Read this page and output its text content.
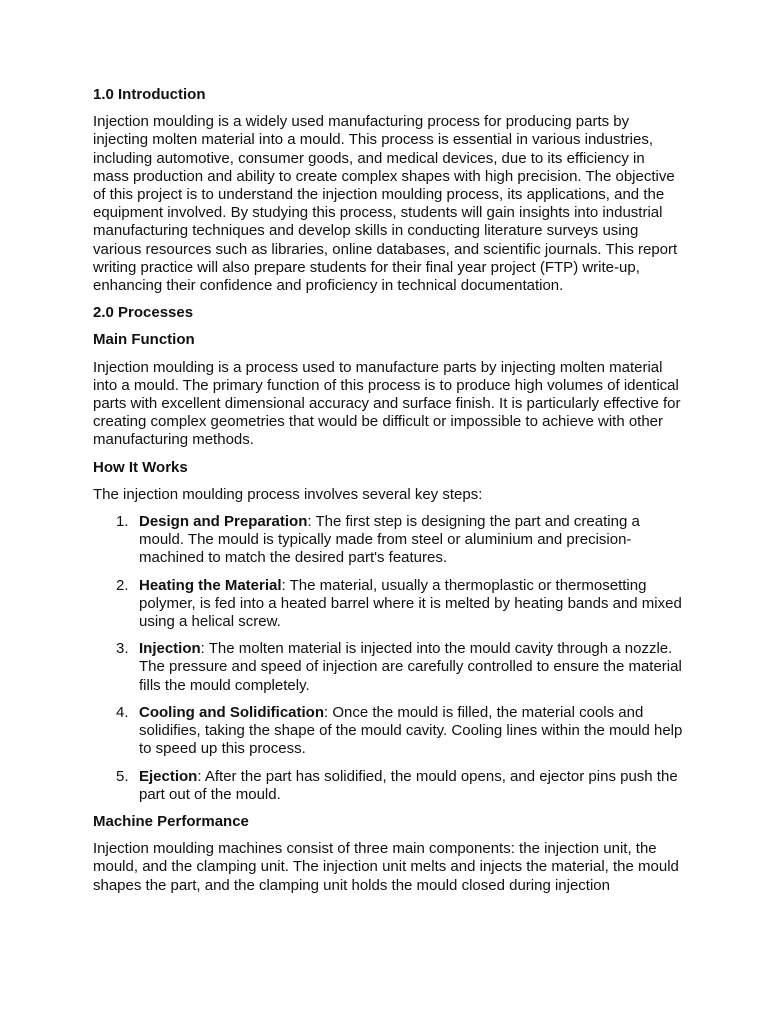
1.0 Introduction
Injection moulding is a widely used manufacturing process for producing parts by injecting molten material into a mould. This process is essential in various industries, including automotive, consumer goods, and medical devices, due to its efficiency in mass production and ability to create complex shapes with high precision. The objective of this project is to understand the injection moulding process, its applications, and the equipment involved. By studying this process, students will gain insights into industrial manufacturing techniques and develop skills in conducting literature surveys using various resources such as libraries, online databases, and scientific journals. This report writing practice will also prepare students for their final year project (FTP) write-up, enhancing their confidence and proficiency in technical documentation.
2.0 Processes
Main Function
Injection moulding is a process used to manufacture parts by injecting molten material into a mould. The primary function of this process is to produce high volumes of identical parts with excellent dimensional accuracy and surface finish. It is particularly effective for creating complex geometries that would be difficult or impossible to achieve with other manufacturing methods.
How It Works
The injection moulding process involves several key steps:
1. Design and Preparation: The first step is designing the part and creating a mould. The mould is typically made from steel or aluminium and precision-machined to match the desired part's features.
2. Heating the Material: The material, usually a thermoplastic or thermosetting polymer, is fed into a heated barrel where it is melted by heating bands and mixed using a helical screw.
3. Injection: The molten material is injected into the mould cavity through a nozzle. The pressure and speed of injection are carefully controlled to ensure the material fills the mould completely.
4. Cooling and Solidification: Once the mould is filled, the material cools and solidifies, taking the shape of the mould cavity. Cooling lines within the mould help to speed up this process.
5. Ejection: After the part has solidified, the mould opens, and ejector pins push the part out of the mould.
Machine Performance
Injection moulding machines consist of three main components: the injection unit, the mould, and the clamping unit. The injection unit melts and injects the material, the mould shapes the part, and the clamping unit holds the mould closed during injection
